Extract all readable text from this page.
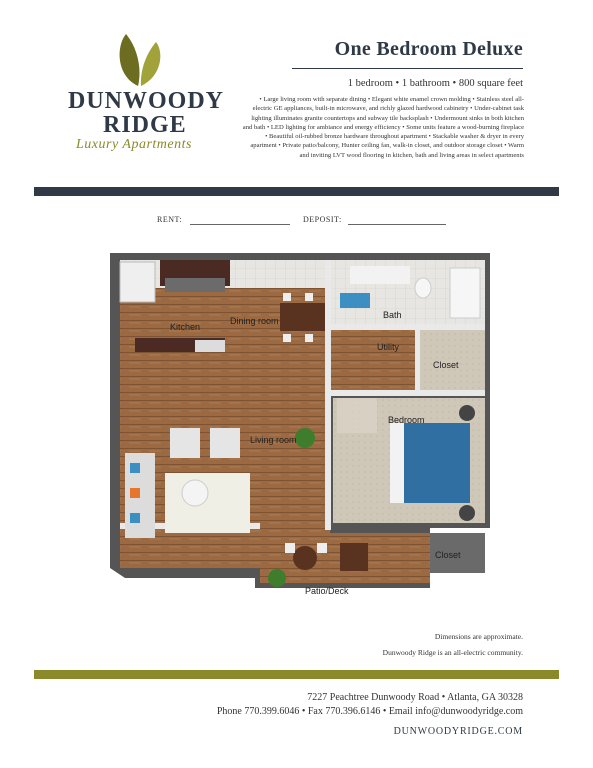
DUNWOODY
RIDGE
Luxury Apartments
One Bedroom Deluxe
1 bedroom • 1 bathroom • 800 square feet
• Large living room with separate dining • Elegant white enamel crown molding • Stainless steel all-electric GE appliances, built-in microwave, and richly glazed hardwood cabinetry • Under-cabinet task lighting illuminates granite countertops and subway tile backsplash • Undermount sinks in both kitchen and bath • LED lighting for ambiance and energy efficiency • Some units feature a wood-burning fireplace • Beautiful oil-rubbed bronze hardware throughout apartment • Stackable washer & dryer in every apartment • Private patio/balcony, Hunter ceiling fan, walk-in closet, and outdoor storage closet • Warm and inviting LVT wood flooring in kitchen, bath and living areas in select apartments
RENT:	DEPOSIT:
Kitchen
Dining room
Living room
Bath
Utility
Closet
Bedroom
Patio/Deck
Closet
Dimensions are approximate.
Dunwoody Ridge is an all-electric community.
7227 Peachtree Dunwoody Road • Atlanta, GA 30328
Phone 770.399.6046 • Fax 770.396.6146 • Email info@dunwoodyridge.com
DUNWOODYRIDGE.COM
